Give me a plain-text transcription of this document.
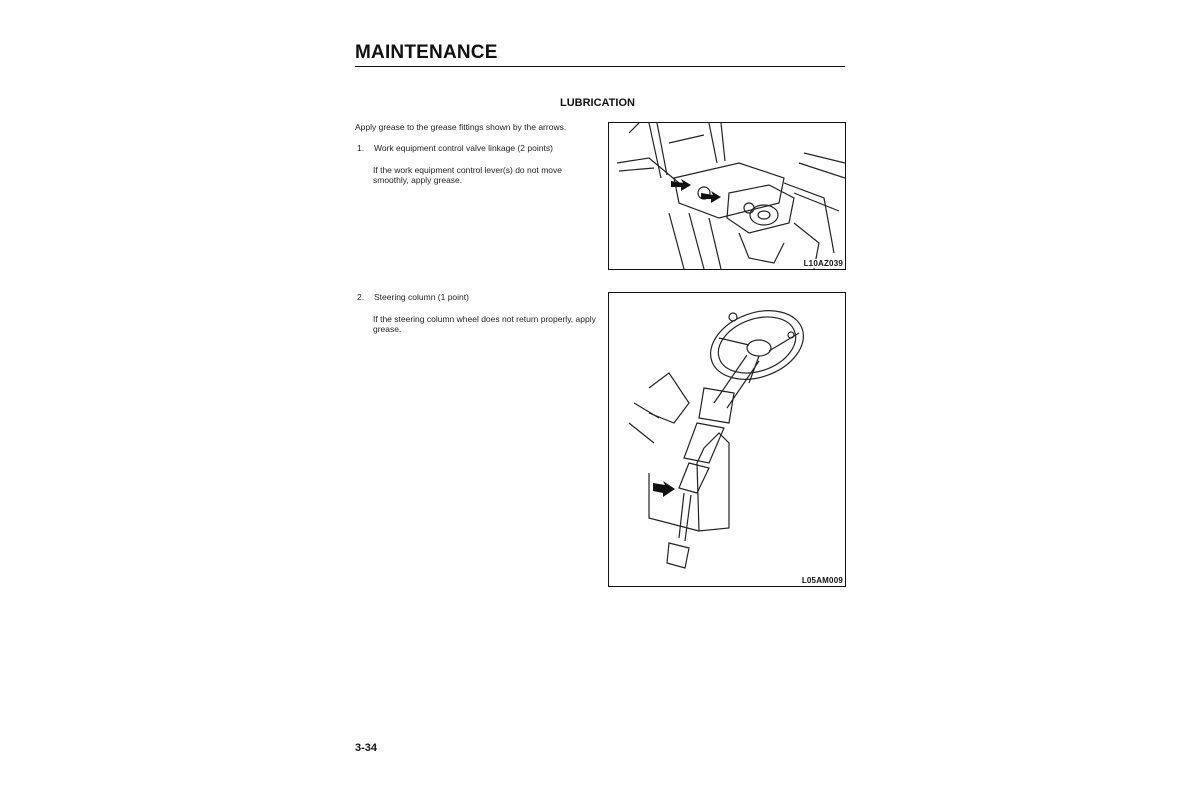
MAINTENANCE
LUBRICATION
Apply grease to the grease fittings shown by the arrows.
1.	Work equipment control valve linkage (2 points)
If the work equipment control lever(s) do not move smoothly, apply grease.
L10AZ039
2.	Steering column (1 point)
If the steering column wheel does not return properly, apply grease.
L05AM009
3-34
